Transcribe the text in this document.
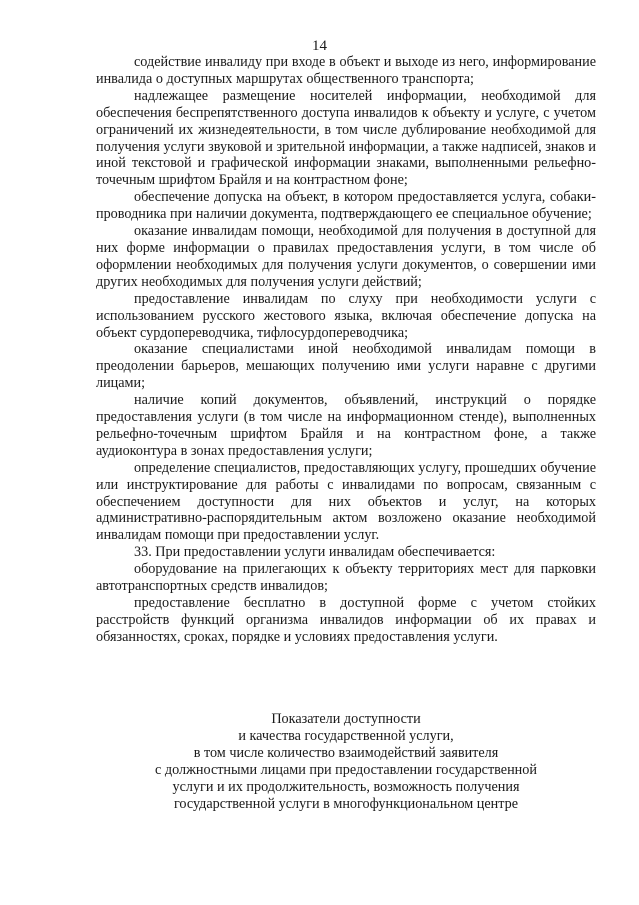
14

содействие инвалиду при входе в объект и выходе из него, информирование инвалида о доступных маршрутах общественного транспорта;

надлежащее размещение носителей информации, необходимой для обеспечения беспрепятственного доступа инвалидов к объекту и услуге, с учетом ограничений их жизнедеятельности, в том числе дублирование необходимой для получения услуги звуковой и зрительной информации, а также надписей, знаков и иной текстовой и графической информации знаками, выполненными рельефно-точечным шрифтом Брайля и на контрастном фоне;

обеспечение допуска на объект, в котором предоставляется услуга, собаки-проводника при наличии документа, подтверждающего ее специальное обучение;

оказание инвалидам помощи, необходимой для получения в доступной для них форме информации о правилах предоставления услуги, в том числе об оформлении необходимых для получения услуги документов, о совершении ими других необходимых для получения услуги действий;

предоставление инвалидам по слуху при необходимости услуги с использованием русского жестового языка, включая обеспечение допуска на объект сурдопереводчика, тифлосурдопереводчика;

оказание специалистами иной необходимой инвалидам помощи в преодолении барьеров, мешающих получению ими услуги наравне с другими лицами;

наличие копий документов, объявлений, инструкций о порядке предоставления услуги (в том числе на информационном стенде), выполненных рельефно-точечным шрифтом Брайля и на контрастном фоне, а также аудиоконтура в зонах предоставления услуги;

определение специалистов, предоставляющих услугу, прошедших обучение или инструктирование для работы с инвалидами по вопросам, связанным с обеспечением доступности для них объектов и услуг, на которых административно-распорядительным актом возложено оказание необходимой инвалидам помощи при предоставлении услуг.

33. При предоставлении услуги инвалидам обеспечивается:

оборудование на прилегающих к объекту территориях мест для парковки автотранспортных средств инвалидов;

предоставление бесплатно в доступной форме с учетом стойких расстройств функций организма инвалидов информации об их правах и обязанностях, сроках, порядке и условиях предоставления услуги.

Показатели доступности
и качества государственной услуги,
в том числе количество взаимодействий заявителя
с должностными лицами при предоставлении государственной
услуги и их продолжительность, возможность получения
государственной услуги в многофункциональном центре
